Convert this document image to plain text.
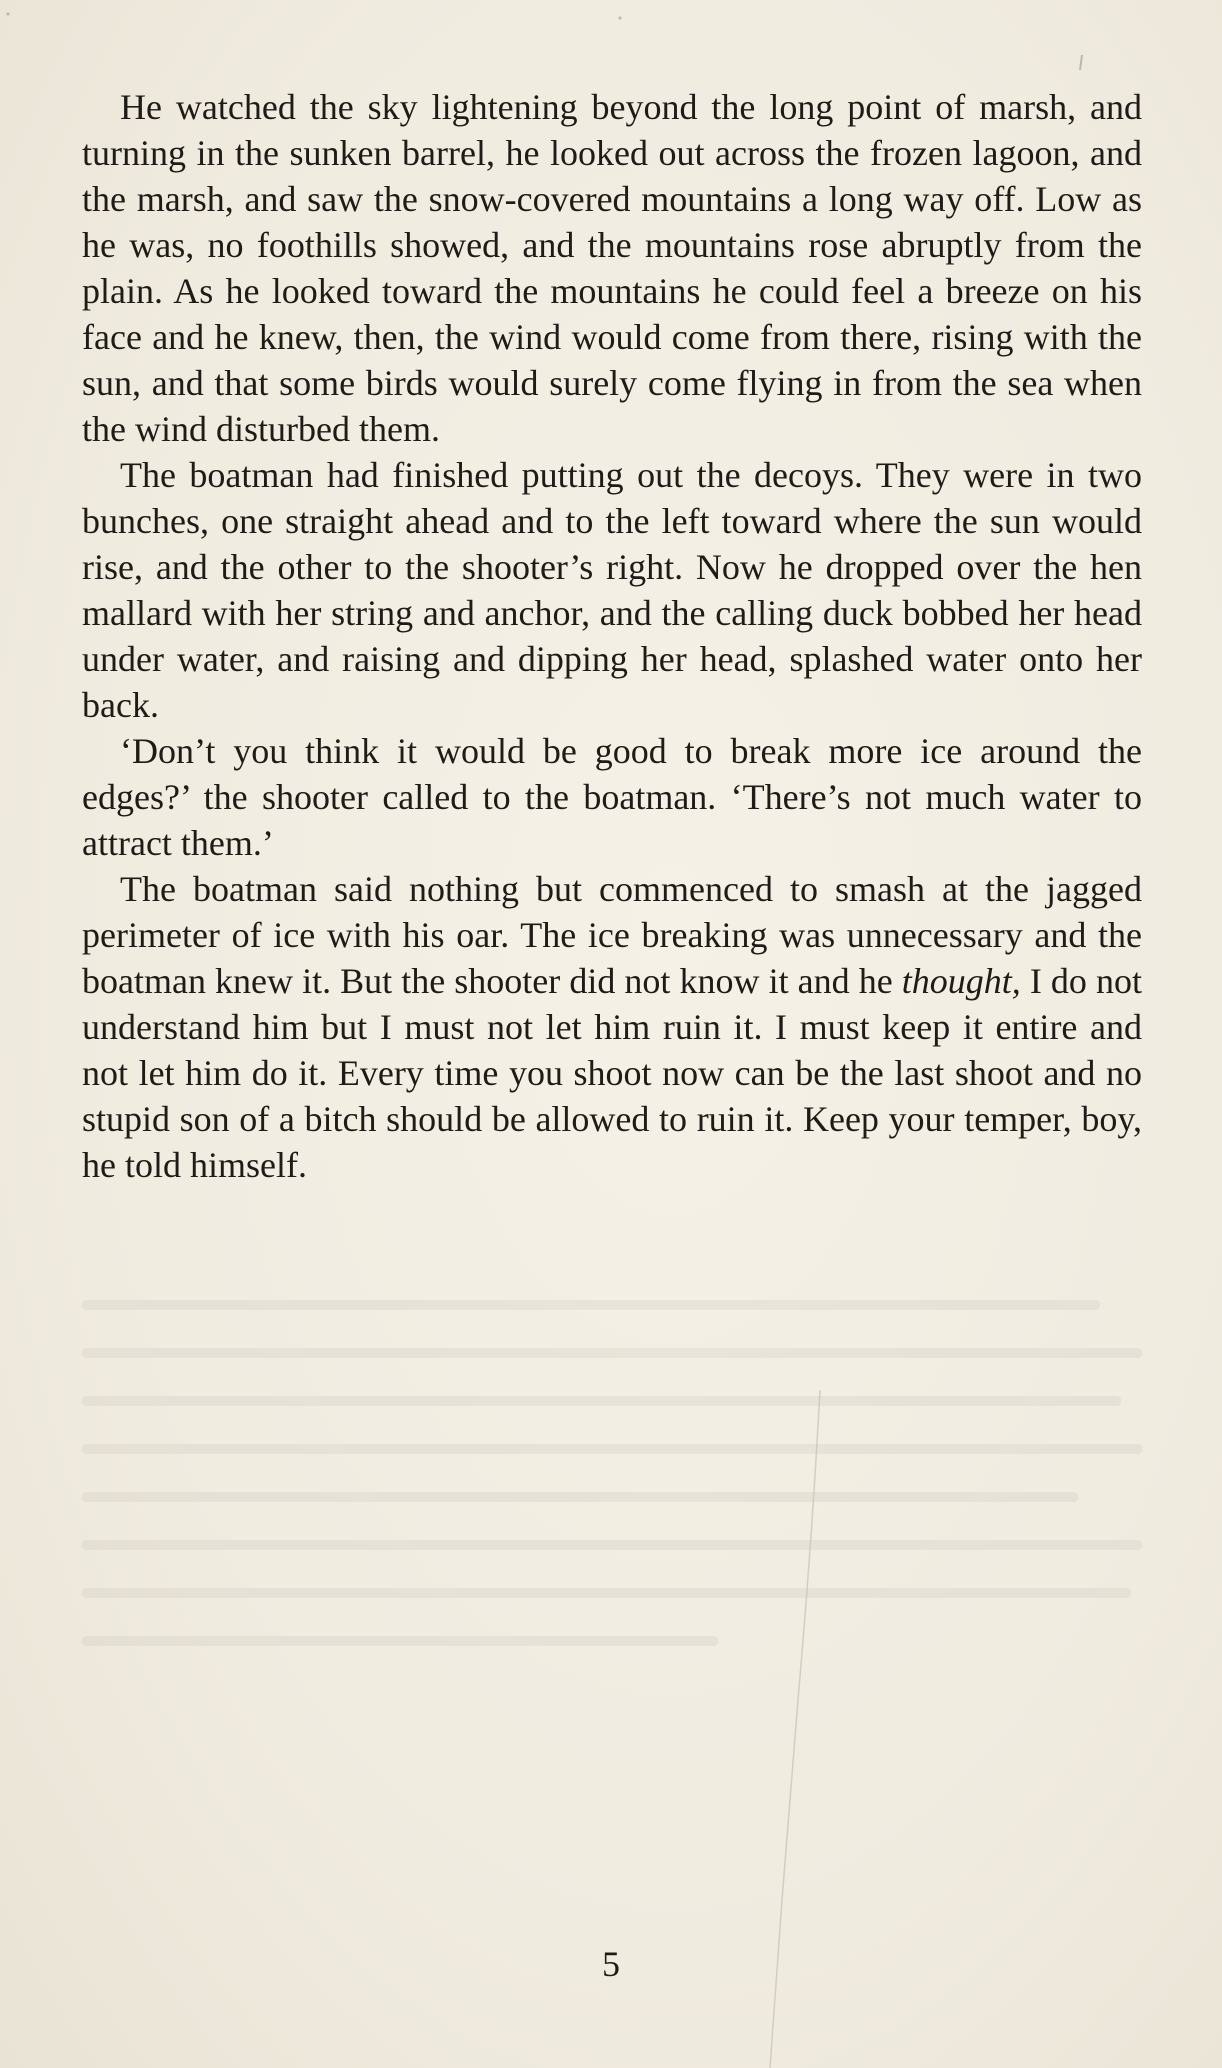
He watched the sky lightening beyond the long point of marsh, and turning in the sunken barrel, he looked out across the frozen lagoon, and the marsh, and saw the snow-covered mountains a long way off. Low as he was, no foothills showed, and the mountains rose abruptly from the plain. As he looked toward the mountains he could feel a breeze on his face and he knew, then, the wind would come from there, rising with the sun, and that some birds would surely come flying in from the sea when the wind disturbed them.

The boatman had finished putting out the decoys. They were in two bunches, one straight ahead and to the left toward where the sun would rise, and the other to the shooter’s right. Now he dropped over the hen mallard with her string and anchor, and the calling duck bobbed her head under water, and raising and dipping her head, splashed water onto her back.

‘Don’t you think it would be good to break more ice around the edges?’ the shooter called to the boatman. ‘There’s not much water to attract them.’

The boatman said nothing but commenced to smash at the jagged perimeter of ice with his oar. The ice breaking was unnecessary and the boatman knew it. But the shooter did not know it and he thought, I do not understand him but I must not let him ruin it. I must keep it entire and not let him do it. Every time you shoot now can be the last shoot and no stupid son of a bitch should be allowed to ruin it. Keep your temper, boy, he told himself.

5
